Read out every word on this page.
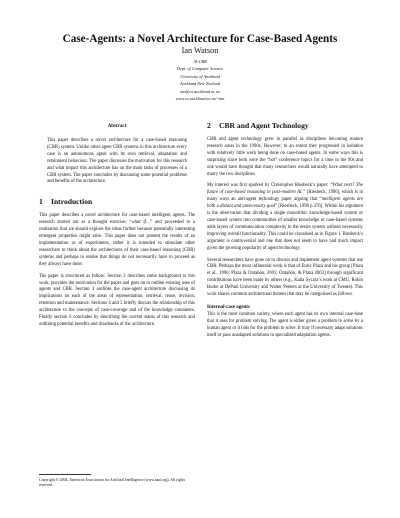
Case-Agents: a Novel Architecture for Case-Based Agents
Ian Watson
AI-CBR
Dept. of Computer Science
University of Auckland
Auckland New Zealand
ian@cs.auckland.ac.nz
www.cs.auckland.ac.nz/~ian
Abstract
This paper describes a novel architecture for a case-based reasoning (CBR) system. Unlike other agent CBR systems in this architecture every case is an autonomous agent with its own retrieval, adaptation and retainment behaviour. The paper discusses the motivation for this research and what impact this architecture has on the main tasks of processes of a CBR system. The paper concludes by discussing some potential problems and benefits of the architecture.
1 Introduction
This paper describes a novel architecture for case-based intelligent agents. The research started out as a thought exercise; “what if…” and proceeded to a realisation that we should explore the ideas further because potentially interesting emergent properties might arise. This paper does not present the results of an implementation or of experiments, rather it is intended to stimulate other researchers to think about the architectures of their case-based reasoning (CBR) systems and perhaps to realise that things do not necessarily have to proceed as they always have done.
The paper is structured as follow: Section 2 describes some background to this work, provides the motivation for the paper and goes on to outline existing uses of agents and CBR. Section 3 outlines the case-agent architecture discussing its implications on each of the areas of representation, retrieval, reuse, revision, retention and maintenance. Sections 4 and 5 briefly discuss the relationship of this architecture to the concepts of case-coverage and of the knowledge containers. Finally section 6 concludes by describing the current status of this research and outlining potential benefits and drawbacks of the architecture.
2 CBR and Agent Technology
CBR and agent technology grew in parallel as disciplines becoming mature research areas in the 1990s. However, to an extent they progressed in isolation with relatively little work being done on case-based agents. In some ways this is surprising since both were the “hot” conference topics for a time in the 90s and one would have thought that many researchers would naturally have attempted to marry the two disciplines.
My interest was first sparked by Christopher Riesbeck’s paper: “What next? The future of case-based reasoning in post-modern AI.” [Riesbeck, 1996], which is in many ways an anti-agent technology paper arguing that “intelligent agents are both a distant and unnecessary goal” [Riesbeck, 1996 p.376]. Within his argument is the observation that dividing a single monolithic knowledge-based system or case-based system into communities of smaller knowledge or case-based systems adds layers of communication complexity to the entire system without necessarily improving overall functionality. This could be visualised as in Figure 1. Riesbeck’s argument is controversial and one that does not seem to have had much impact given the growing popularity of agent technology.
Several researchers have gone on to discuss and implement agent systems that use CBR. Perhaps the most influential work is that of Enric Plaza and his group [Plaza et al., 1996; Plaza & Ontañón, 2001; Ontañón, & Plaza 2003] through significant contributions have been made by others (e.g., Katia Sycara’s work at CMU, Robin Burke at DePaul University and Walter Peeters at the University of Twente). This work shares common architectural themes that may be categorised as follows.
Internal-case agents
This is the most common variety, where each agent has its own internal case-base that it uses for problem solving. The agent is either given a problem to solve by a human agent or it bids for the problem to solve. It may if necessary adapt solutions itself or pass unadapted solutions to specialised adaptation agents.
Copyright © 2004, American Association for Artificial Intelligence (www.aaai.org). All rights reserved.
